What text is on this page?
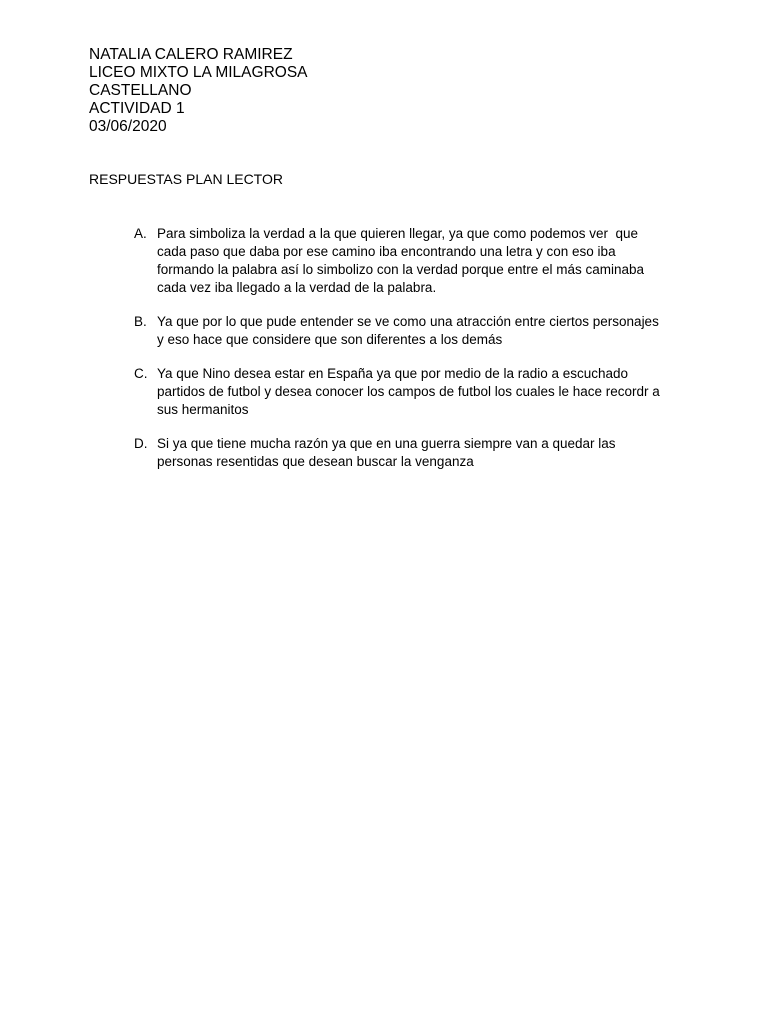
NATALIA CALERO RAMIREZ
LICEO MIXTO LA MILAGROSA
CASTELLANO
ACTIVIDAD 1
03/06/2020
RESPUESTAS PLAN LECTOR
A. Para simboliza la verdad a la que quieren llegar, ya que como podemos ver  que
cada paso que daba por ese camino iba encontrando una letra y con eso iba
formando la palabra así lo simbolizo con la verdad porque entre el más caminaba
cada vez iba llegado a la verdad de la palabra.
B. Ya que por lo que pude entender se ve como una atracción entre ciertos personajes
y eso hace que considere que son diferentes a los demás
C. Ya que Nino desea estar en España ya que por medio de la radio a escuchado
partidos de futbol y desea conocer los campos de futbol los cuales le hace recordr a
sus hermanitos
D. Si ya que tiene mucha razón ya que en una guerra siempre van a quedar las
personas resentidas que desean buscar la venganza
